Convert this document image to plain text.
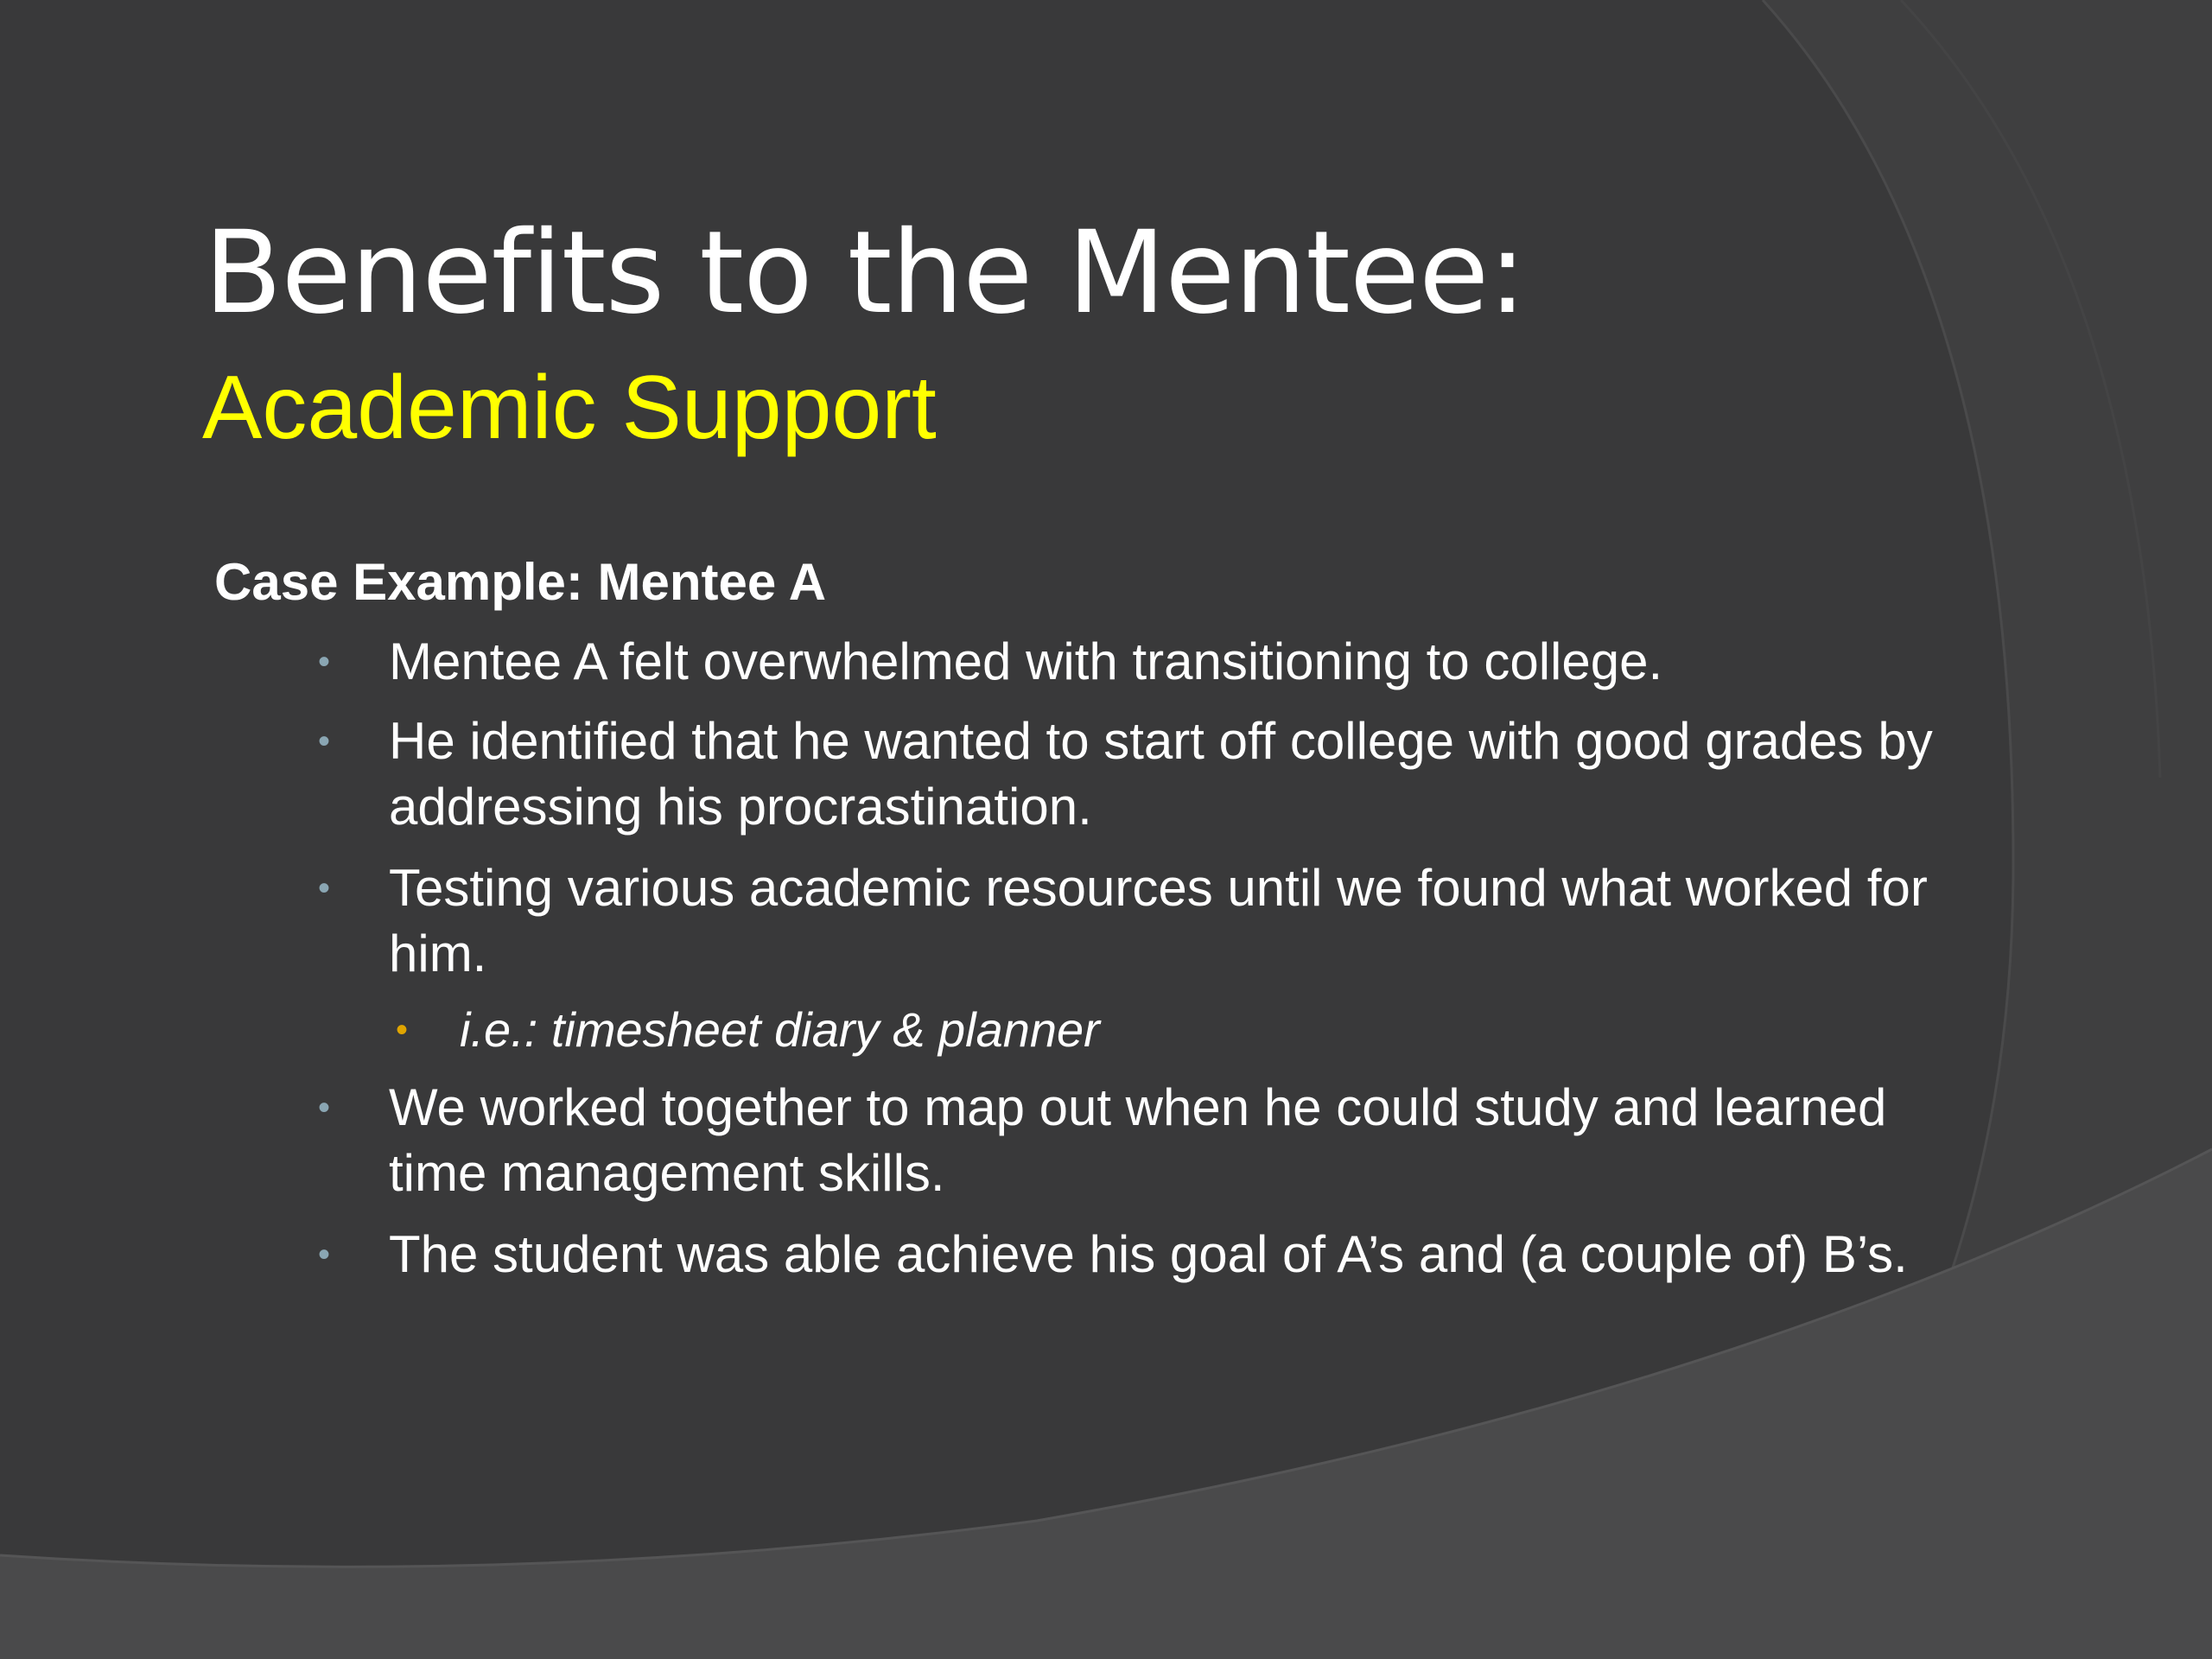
Benefits to the Mentee:
Academic Support
Case Example: Mentee A
• Mentee A felt overwhelmed with transitioning to college.
• He identified that he wanted to start off college with good grades by addressing his procrastination.
• Testing various academic resources until we found what worked for him.
• i.e.: timesheet diary & planner
• We worked together to map out when he could study and learned time management skills.
• The student was able achieve his goal of A’s and (a couple of) B’s.
